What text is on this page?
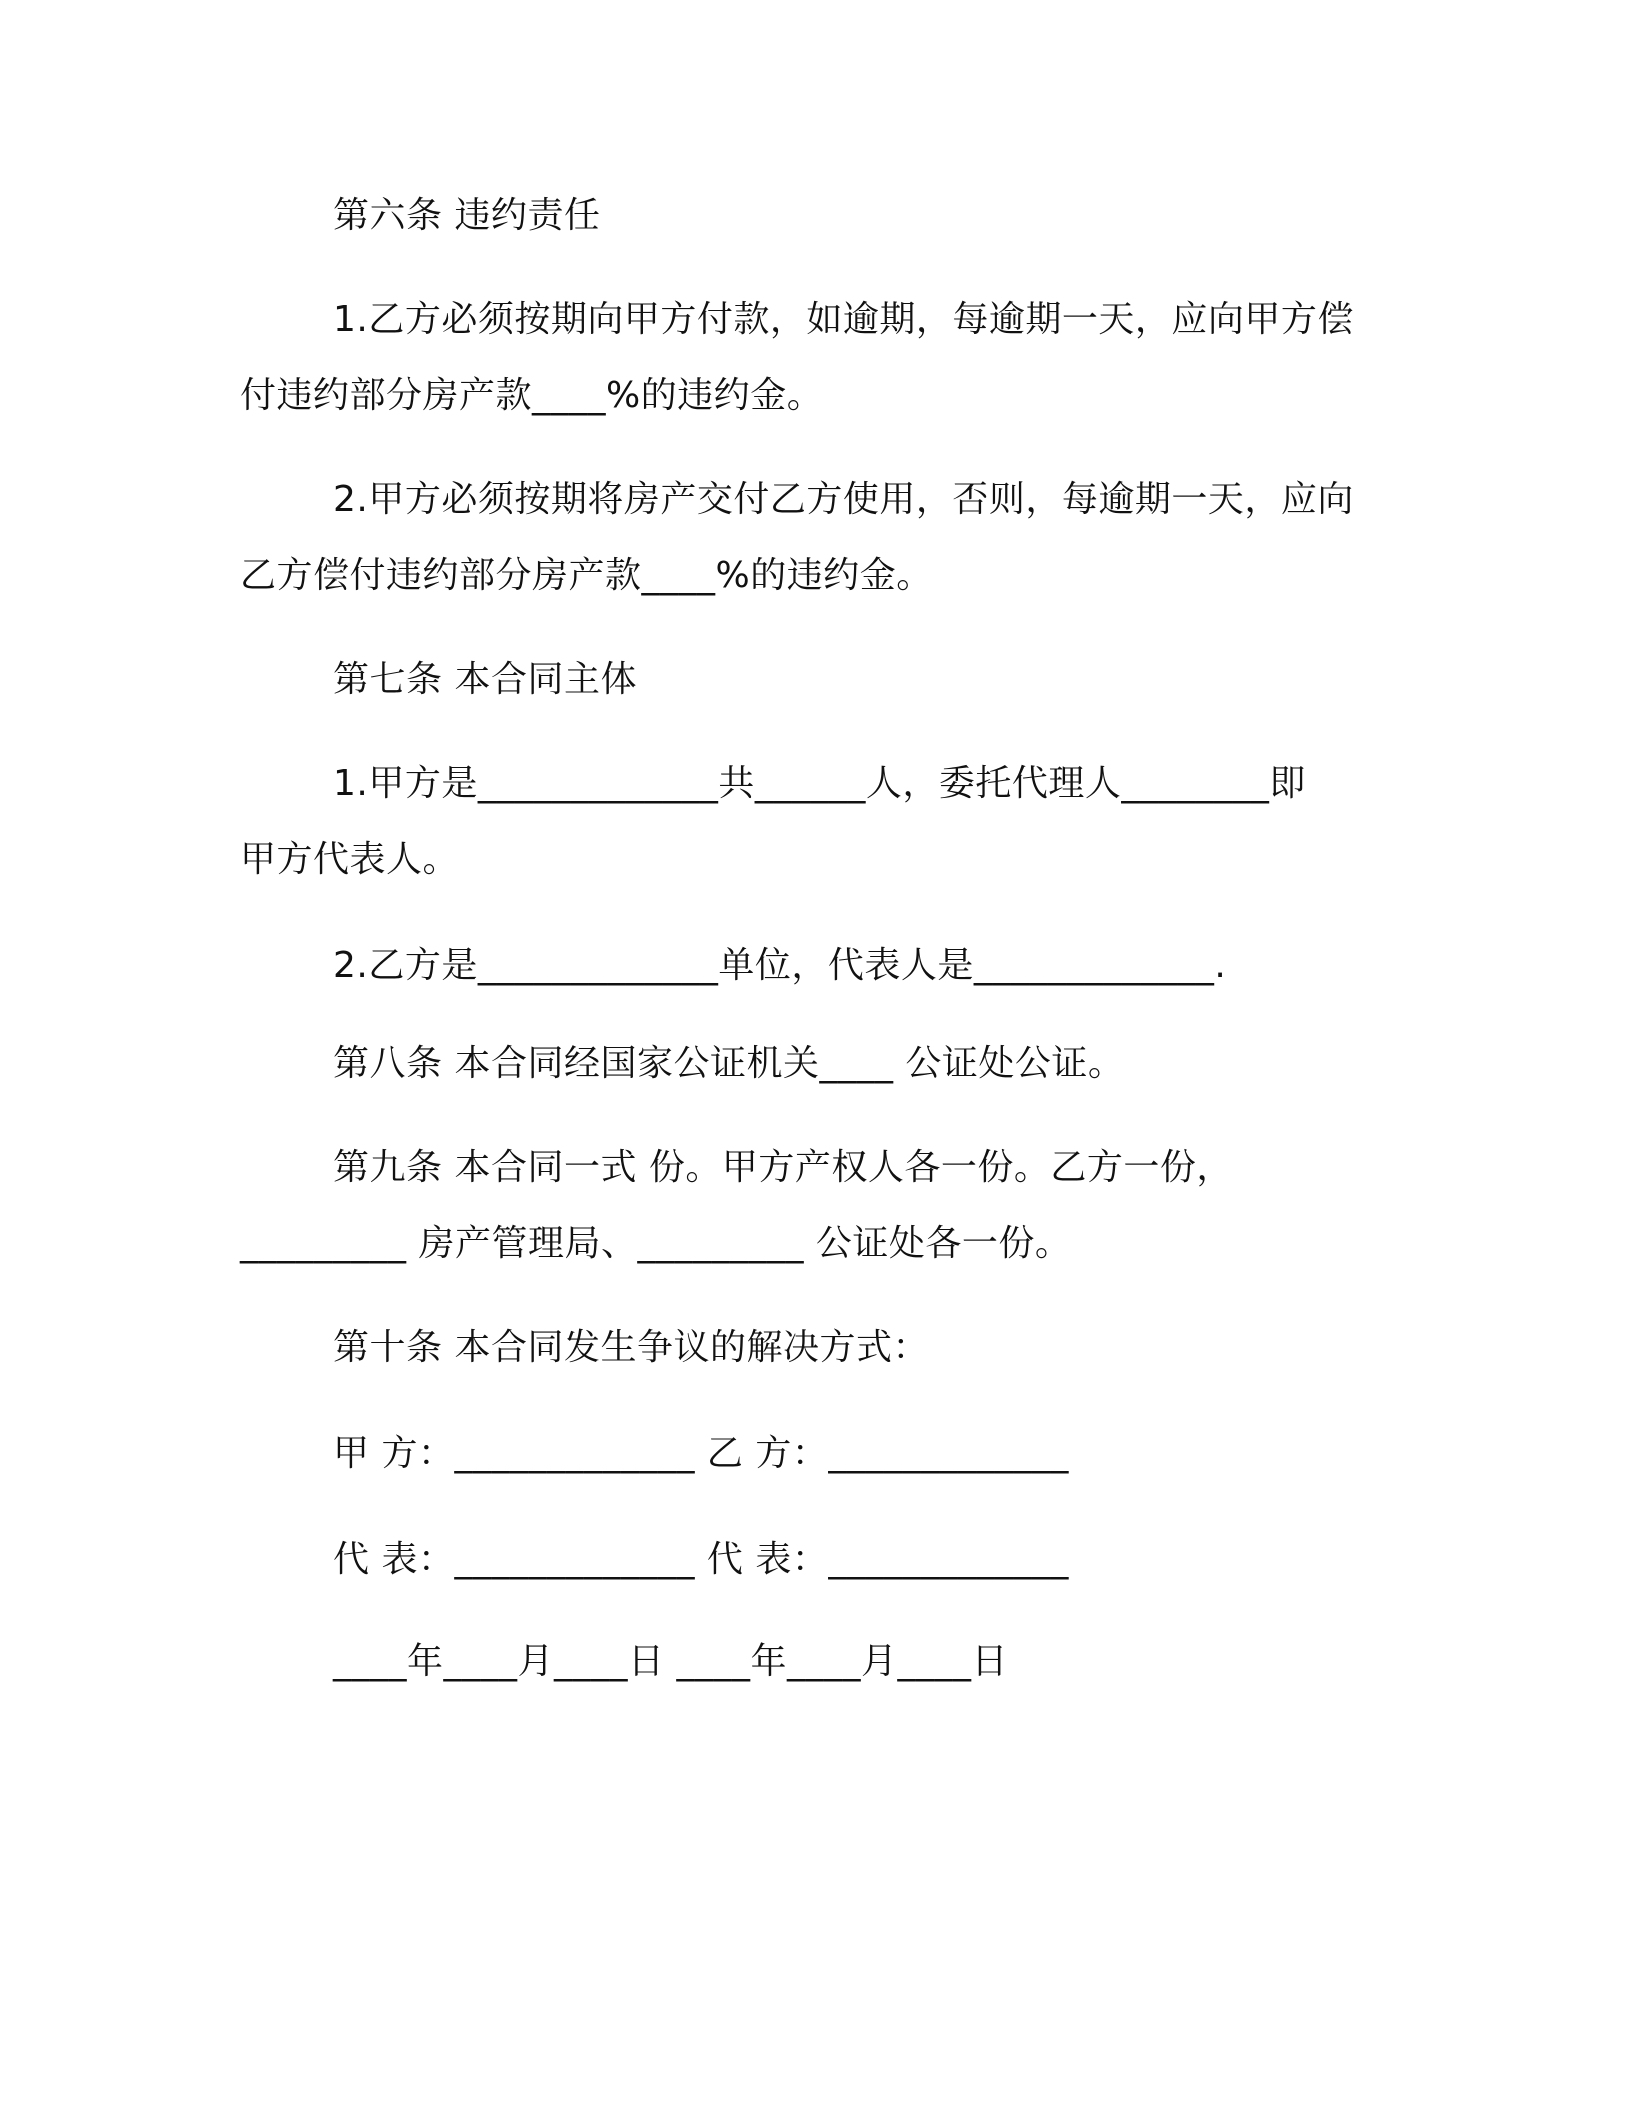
第六条 违约责任
1.乙方必须按期向甲方付款，如逾期，每逾期一天，应向甲方偿
付违约部分房产款____%的违约金。
2.甲方必须按期将房产交付乙方使用，否则，每逾期一天，应向
乙方偿付违约部分房产款____%的违约金。
第七条 本合同主体
1.甲方是_____________共______人，委托代理人________即
甲方代表人。
2.乙方是_____________单位，代表人是_____________.
第八条 本合同经国家公证机关____ 公证处公证。
第九条 本合同一式 份。甲方产权人各一份。乙方一份，
_________ 房产管理局、_________ 公证处各一份。
第十条 本合同发生争议的解决方式：
甲 方：_____________ 乙 方：_____________
代 表：_____________ 代 表：_____________
____年____月____日 ____年____月____日
